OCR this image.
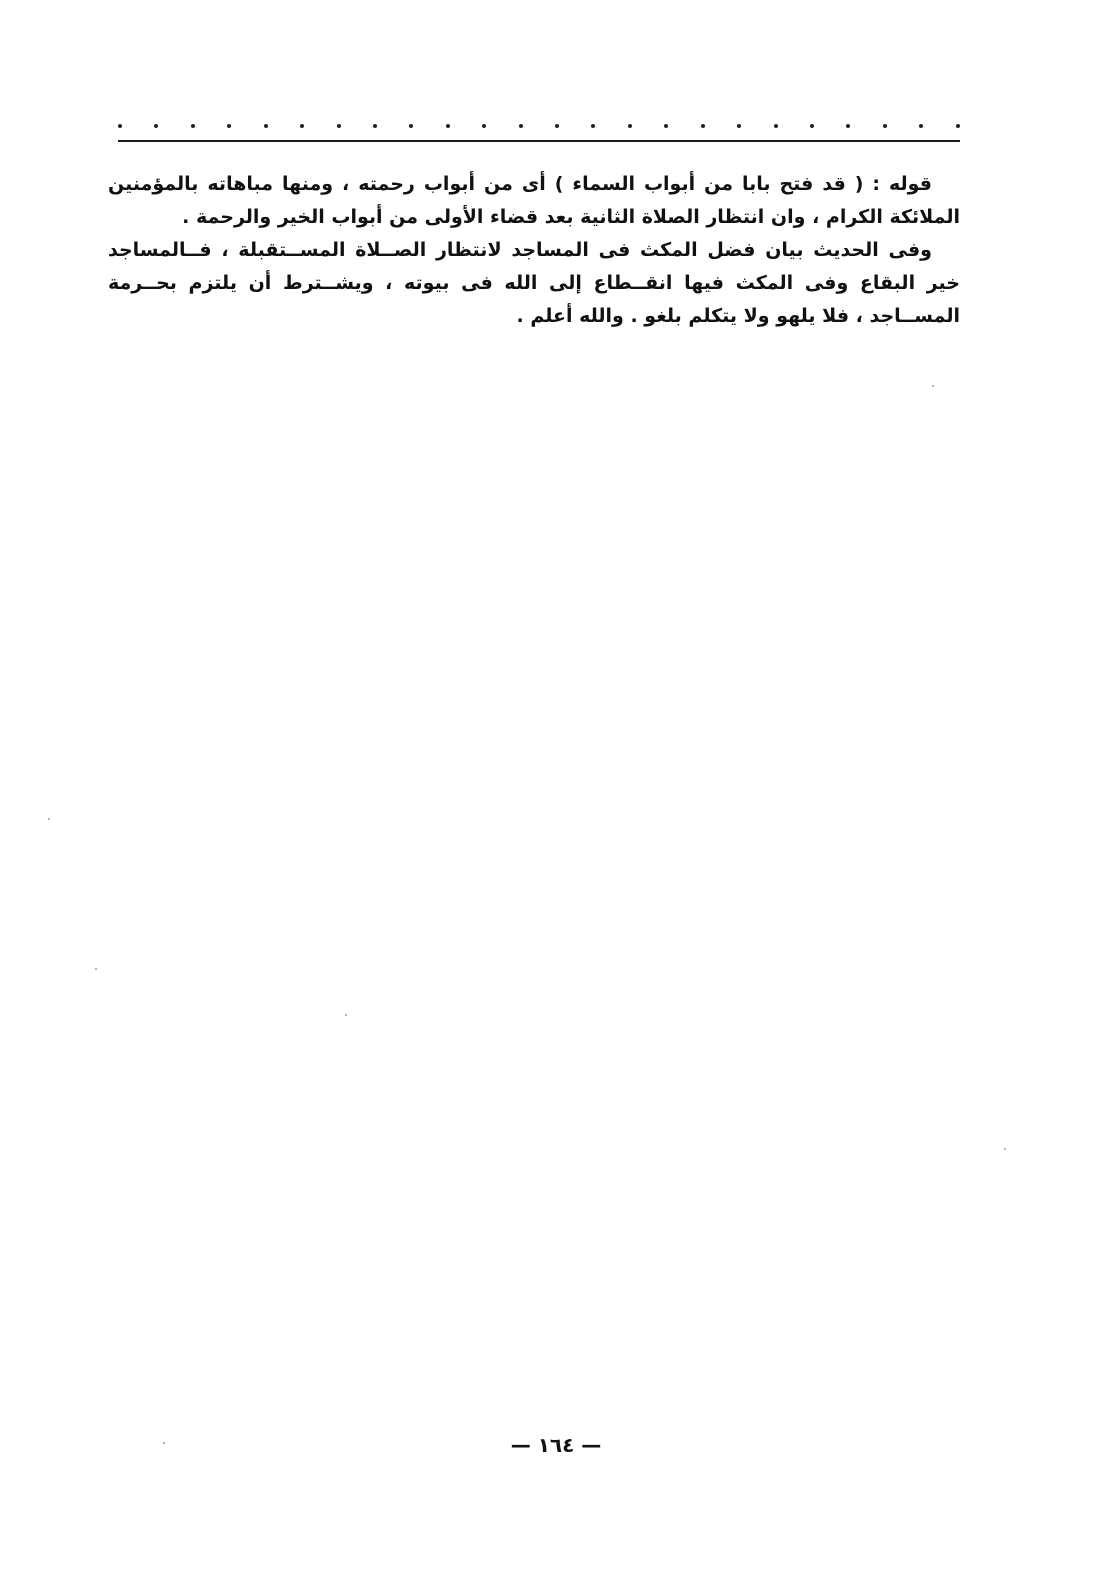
قوله : ( قد فتح بابا من أبواب السماء ) أى من أبواب رحمته ، ومنها مباهاته بالمؤمنين الملائكة الكرام ، وان انتظار الصلاة الثانية بعد قضاء الأولى من أبواب الخير والرحمة .

وفى الحديث بيان فضل المكث فى المساجد لانتظار الصــلاة المســتقبلة ، فــالمساجد خير البقاع وفى المكث فيها انقــطاع إلى الله فى بيوته ، ويشــترط أن يلتزم بحــرمة المســاجد ، فلا يلهو ولا يتكلم بلغو . والله أعلم .

— ١٦٤ —
